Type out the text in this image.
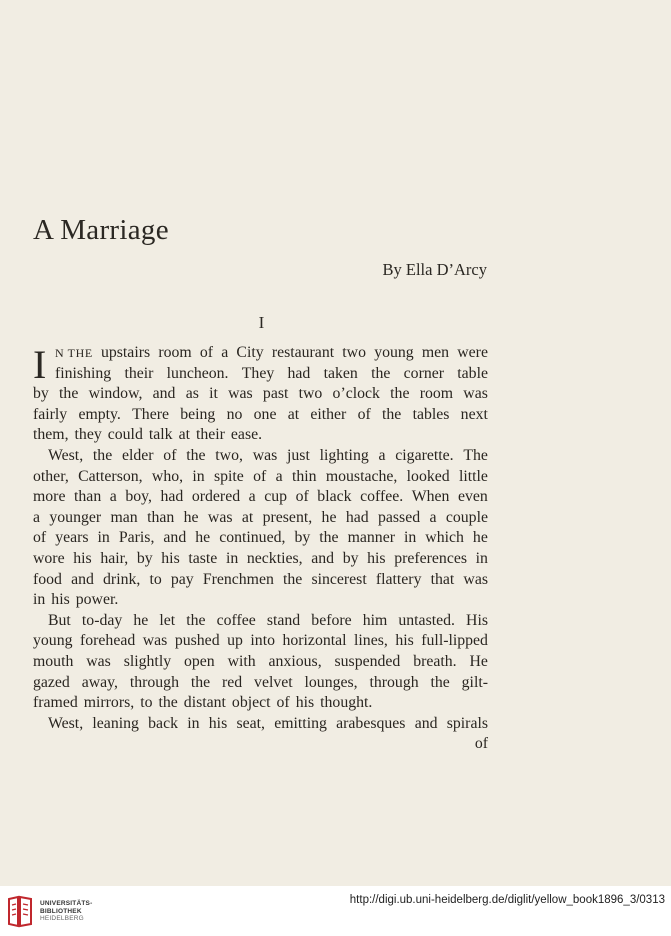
A Marriage
By Ella D’Arcy
I
I N THE upstairs room of a City restaurant two young men were
finishing their luncheon. They had taken the corner table
by the window, and as it was past two o’clock the room was
fairly empty. There being no one at either of the tables next
them, they could talk at their ease.
West, the elder of the two, was just lighting a cigarette. The
other, Catterson, who, in spite of a thin moustache, looked little
more than a boy, had ordered a cup of black coffee. When even
a younger man than he was at present, he had passed a couple
of years in Paris, and he continued, by the manner in which he
wore his hair, by his taste in neckties, and by his preferences in
food and drink, to pay Frenchmen the sincerest flattery that was
in his power.
But to-day he let the coffee stand before him untasted. His
young forehead was pushed up into horizontal lines, his full-lipped
mouth was slightly open with anxious, suspended breath. He
gazed away, through the red velvet lounges, through the gilt-
framed mirrors, to the distant object of his thought.
West, leaning back in his seat, emitting arabesques and spirals
of
UNIVERSITÄTS-
BIBLIOTHEK
HEIDELBERG
http://digi.ub.uni-heidelberg.de/diglit/yellow_book1896_3/0313
